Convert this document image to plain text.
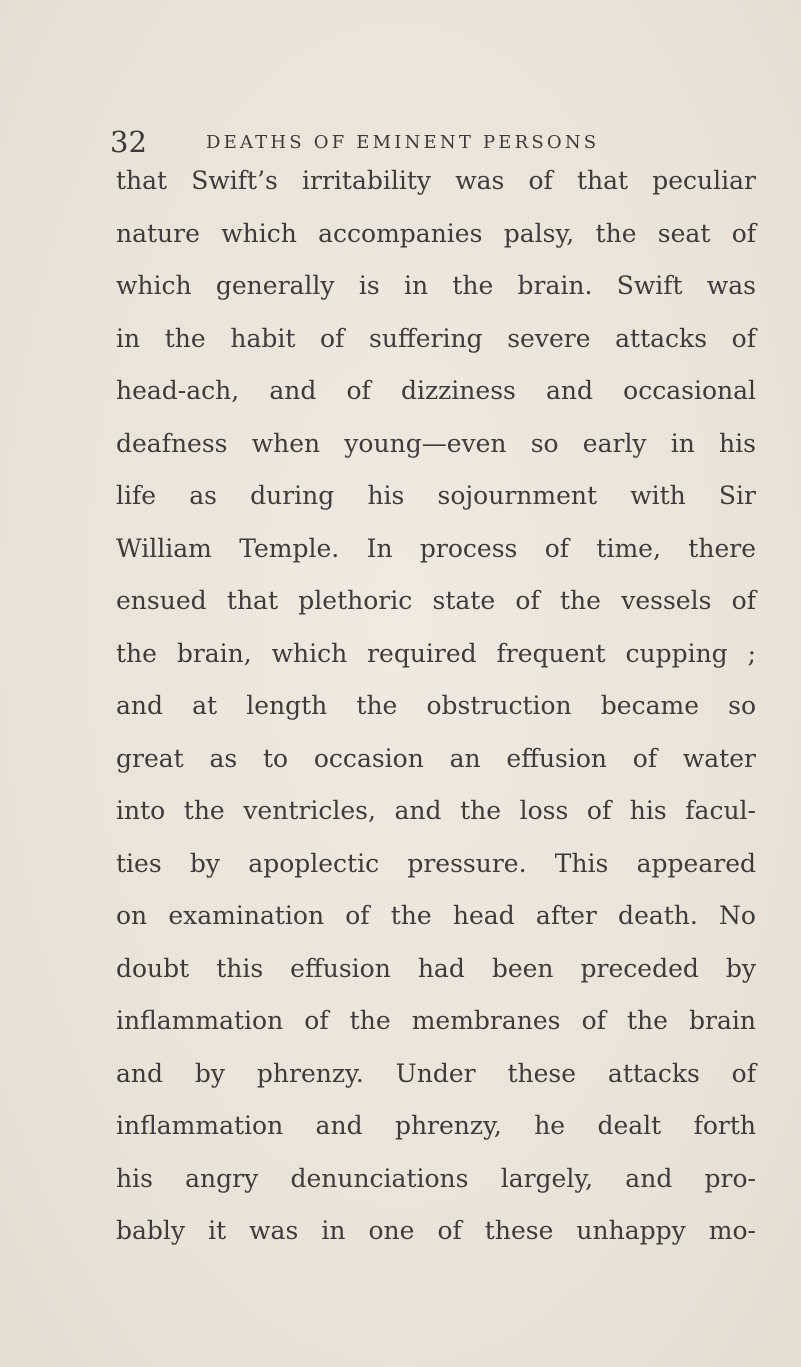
32	DEATHS OF EMINENT PERSONS
that Swift’s irritability was of that peculiar
nature which accompanies palsy, the seat of
which generally is in the brain. Swift was
in the habit of suffering severe attacks of
head-ach, and of dizziness and occasional
deafness when young—even so early in his
life as during his sojournment with Sir
William Temple. In process of time, there
ensued that plethoric state of the vessels of
the brain, which required frequent cupping ;
and at length the obstruction became so
great as to occasion an effusion of water
into the ventricles, and the loss of his facul-
ties by apoplectic pressure. This appeared
on examination of the head after death. No
doubt this effusion had been preceded by
inflammation of the membranes of the brain
and by phrenzy. Under these attacks of
inflammation and phrenzy, he dealt forth
his angry denunciations largely, and pro-
bably it was in one of these unhappy mo-
